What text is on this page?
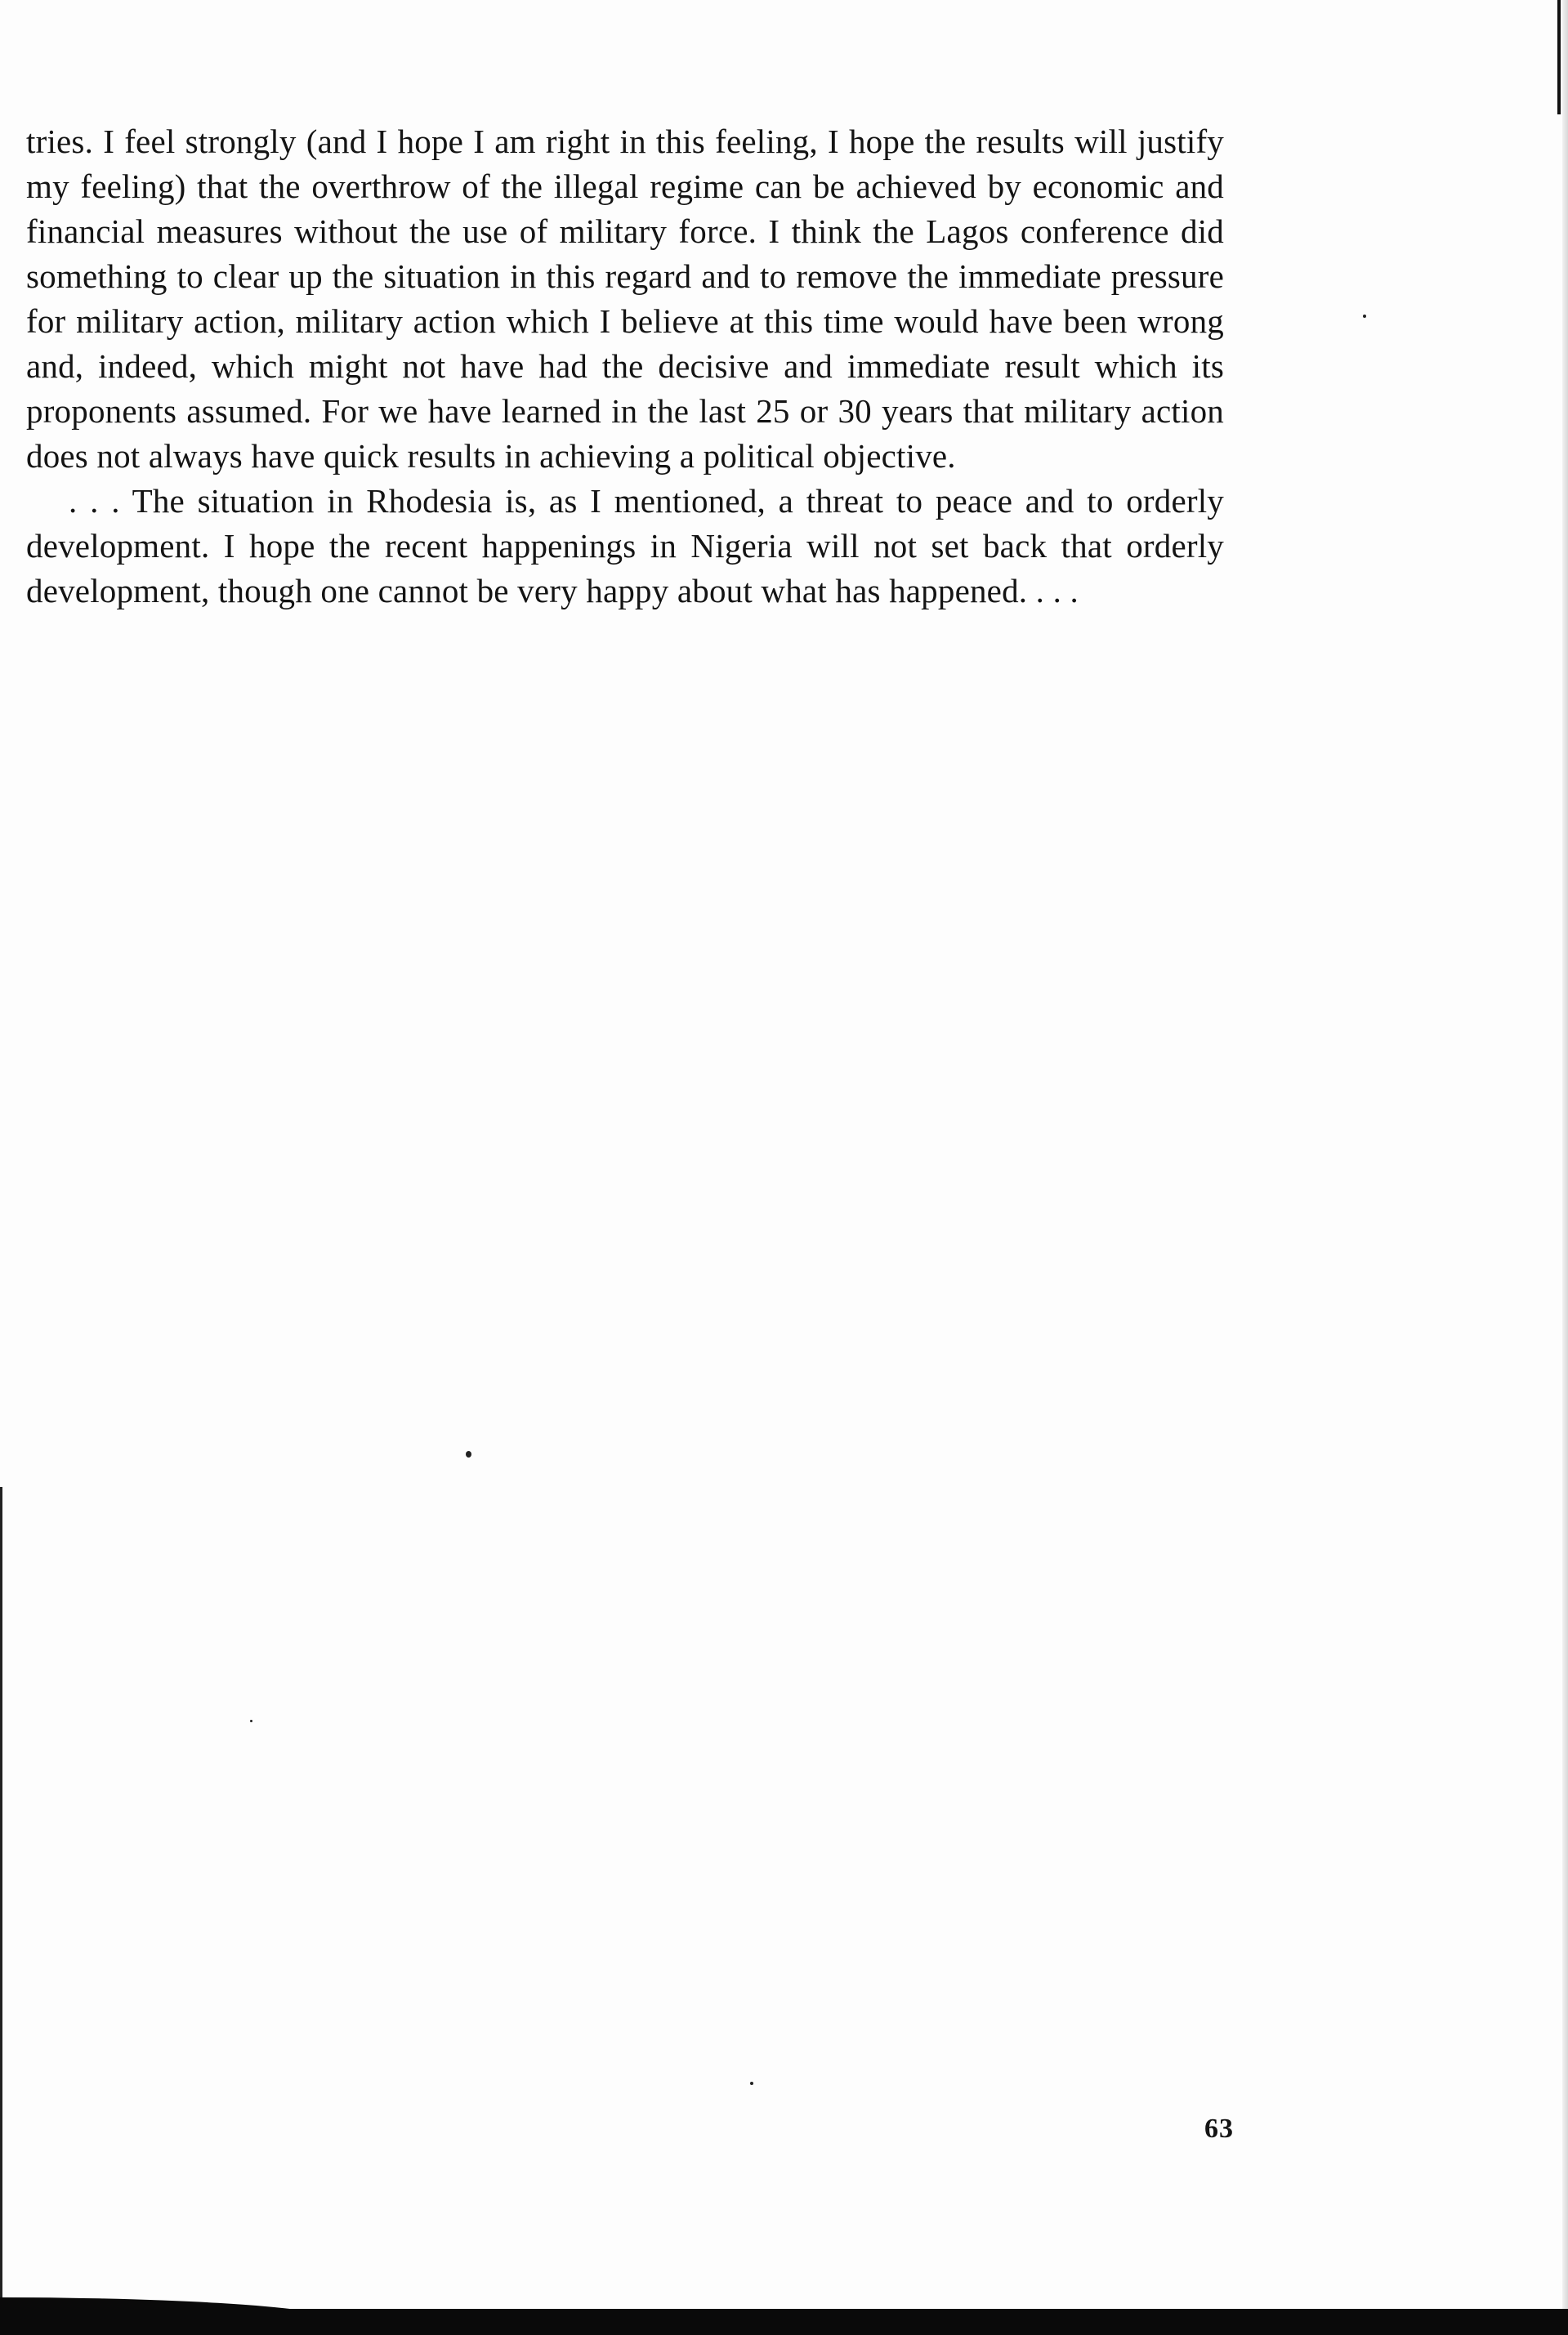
tries. I feel strongly (and I hope I am right in this feeling, I hope the results will justify my feeling) that the overthrow of the illegal regime can be achieved by economic and financial measures without the use of military force. I think the Lagos conference did something to clear up the situation in this regard and to remove the immediate pressure for military action, military action which I believe at this time would have been wrong and, indeed, which might not have had the decisive and immediate result which its proponents assumed. For we have learned in the last 25 or 30 years that military action does not always have quick results in achieving a political objective.

. . . The situation in Rhodesia is, as I mentioned, a threat to peace and to orderly development. I hope the recent happenings in Nigeria will not set back that orderly development, though one cannot be very happy about what has happened. . . .

63
